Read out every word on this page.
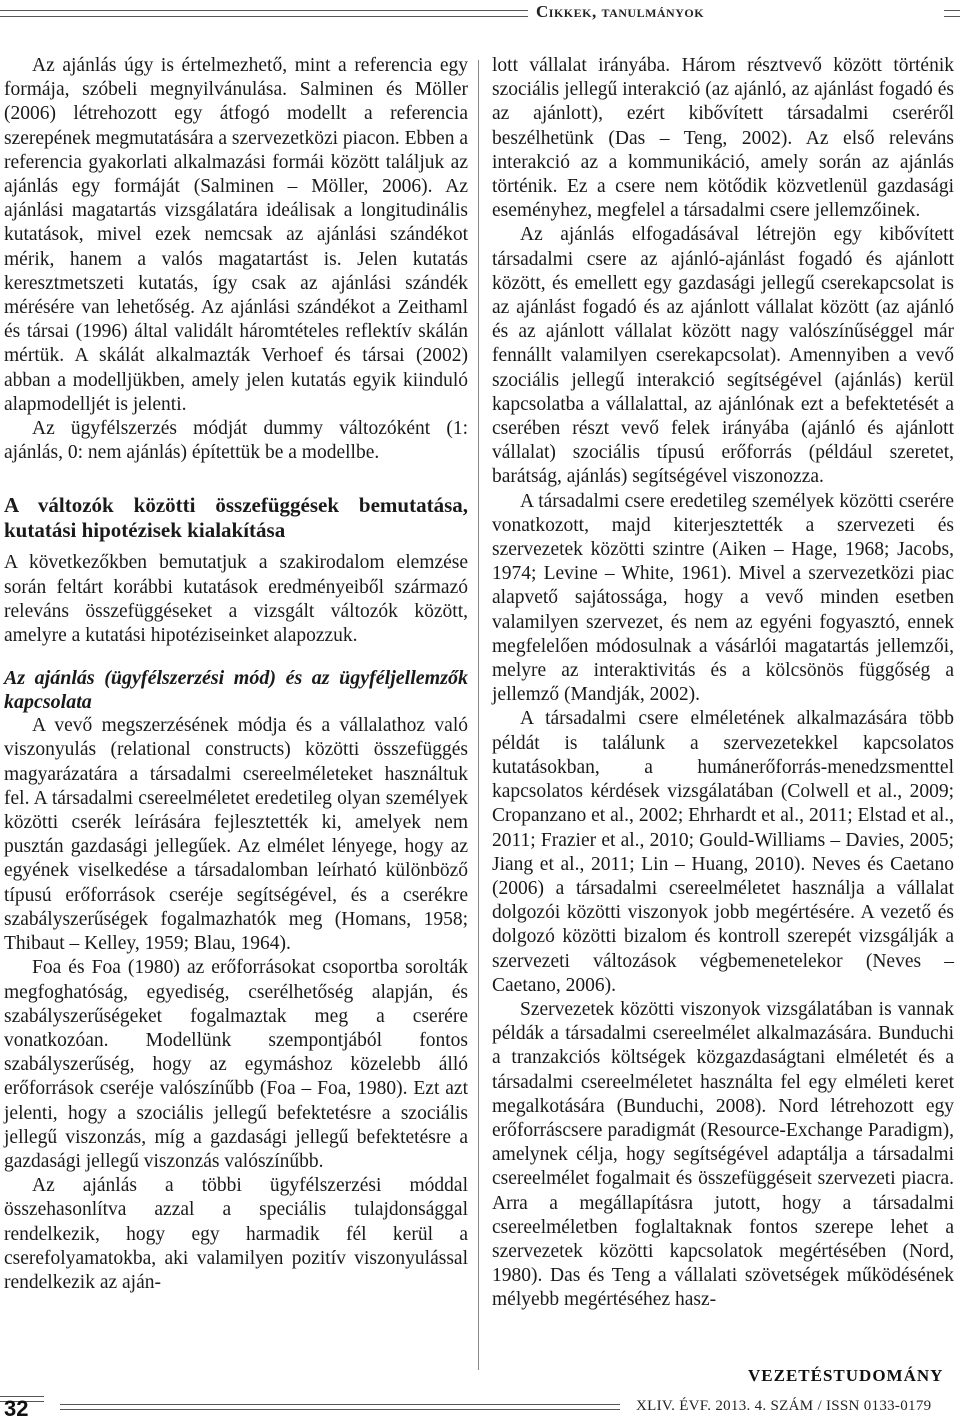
Cikkek, tanulmányok

Az ajánlás úgy is értelmezhető, mint a referencia egy formája, szóbeli megnyilvánulása. Salminen és Möller (2006) létrehozott egy átfogó modellt a referencia szerepének megmutatására a szervezetközi piacon. Ebben a referencia gyakorlati alkalmazási formái között találjuk az ajánlás egy formáját (Salminen – Möller, 2006). Az ajánlási magatartás vizsgálatára ideálisak a longitudinális kutatások, mivel ezek nemcsak az ajánlási szándékot mérik, hanem a valós magatartást is. Jelen kutatás keresztmetszeti kutatás, így csak az ajánlási szándék mérésére van lehetőség. Az ajánlási szándékot a Zeithaml és társai (1996) által validált háromtételes reflektív skálán mértük. A skálát alkalmazták Verhoef és társai (2002) abban a modelljükben, amely jelen kutatás egyik kiinduló alapmodelljét is jelenti.

Az ügyfélszerzés módját dummy változóként (1: ajánlás, 0: nem ajánlás) építettük be a modellbe.

A változók közötti összefüggések bemutatása, kutatási hipotézisek kialakítása

A következőkben bemutatjuk a szakirodalom elemzése során feltárt korábbi kutatások eredményeiből származó releváns összefüggéseket a vizsgált változók között, amelyre a kutatási hipotéziseinket alapozzuk.

Az ajánlás (ügyfélszerzési mód) és az ügyféljellemzők kapcsolata

A vevő megszerzésének módja és a vállalathoz való viszonyulás (relational constructs) közötti összefüggés magyarázatára a társadalmi csereelméleteket használtuk fel. A társadalmi csereelméletet eredetileg olyan személyek közötti cserék leírására fejlesztették ki, amelyek nem pusztán gazdasági jellegűek. Az elmélet lényege, hogy az egyének viselkedése a társadalomban leírható különböző típusú erőforrások cseréje segítségével, és a cserékre szabályszerűségek fogalmazhatók meg (Homans, 1958; Thibaut – Kelley, 1959; Blau, 1964).

Foa és Foa (1980) az erőforrásokat csoportba sorolták megfoghatóság, egyediség, cserélhetőség alapján, és szabályszerűségeket fogalmaztak meg a cserére vonatkozóan. Modellünk szempontjából fontos szabályszerűség, hogy az egymáshoz közelebb álló erőforrások cseréje valószínűbb (Foa – Foa, 1980). Ezt azt jelenti, hogy a szociális jellegű befektetésre a szociális jellegű viszonzás, míg a gazdasági jellegű befektetésre a gazdasági jellegű viszonzás valószínűbb.

Az ajánlás a többi ügyfélszerzési móddal összehasonlítva azzal a speciális tulajdonsággal rendelkezik, hogy egy harmadik fél kerül a cserefolyamatokba, aki valamilyen pozitív viszonyulással rendelkezik az aján-

lott vállalat irányába. Három résztvevő között történik szociális jellegű interakció (az ajánló, az ajánlást fogadó és az ajánlott), ezért kibővített társadalmi cseréről beszélhetünk (Das – Teng, 2002). Az első releváns interakció az a kommunikáció, amely során az ajánlás történik. Ez a csere nem kötődik közvetlenül gazdasági eseményhez, megfelel a társadalmi csere jellemzőinek.

Az ajánlás elfogadásával létrejön egy kibővített társadalmi csere az ajánló-ajánlást fogadó és ajánlott között, és emellett egy gazdasági jellegű cserekapcsolat is az ajánlást fogadó és az ajánlott vállalat között (az ajánló és az ajánlott vállalat között nagy valószínűséggel már fennállt valamilyen cserekapcsolat). Amennyiben a vevő szociális jellegű interakció segítségével (ajánlás) kerül kapcsolatba a vállalattal, az ajánlónak ezt a befektetését a cserében részt vevő felek irányába (ajánló és ajánlott vállalat) szociális típusú erőforrás (például szeretet, barátság, ajánlás) segítségével viszonozza.

A társadalmi csere eredetileg személyek közötti cserére vonatkozott, majd kiterjesztették a szervezeti és szervezetek közötti szintre (Aiken – Hage, 1968; Jacobs, 1974; Levine – White, 1961). Mivel a szervezetközi piac alapvető sajátossága, hogy a vevő minden esetben valamilyen szervezet, és nem az egyéni fogyasztó, ennek megfelelően módosulnak a vásárlói magatartás jellemzői, melyre az interaktivitás és a kölcsönös függőség a jellemző (Mandják, 2002).

A társadalmi csere elméletének alkalmazására több példát is találunk a szervezetekkel kapcsolatos kutatásokban, a humánerőforrás-menedzsmenttel kapcsolatos kérdések vizsgálatában (Colwell et al., 2009; Cropanzano et al., 2002; Ehrhardt et al., 2011; Elstad et al., 2011; Frazier et al., 2010; Gould-Williams – Davies, 2005; Jiang et al., 2011; Lin – Huang, 2010). Neves és Caetano (2006) a társadalmi csereelméletet használja a vállalat dolgozói közötti viszonyok jobb megértésére. A vezető és dolgozó közötti bizalom és kontroll szerepét vizsgálják a szervezeti változások végbemenetelekor (Neves – Caetano, 2006).

Szervezetek közötti viszonyok vizsgálatában is vannak példák a társadalmi csereelmélet alkalmazására. Bunduchi a tranzakciós költségek közgazdaságtani elméletét és a társadalmi csereelméletet használta fel egy elméleti keret megalkotására (Bunduchi, 2008). Nord létrehozott egy erőforráscsere paradigmát (Resource-Exchange Paradigm), amelynek célja, hogy segítségével adaptálja a társadalmi csereelmélet fogalmait és összefüggéseit szervezeti piacra. Arra a megállapításra jutott, hogy a társadalmi csereelméletben foglaltaknak fontos szerepe lehet a szervezetek közötti kapcsolatok megértésében (Nord, 1980). Das és Teng a vállalati szövetségek működésének mélyebb megértéséhez hasz-

VEZETÉSTUDOMÁNY
32	XLIV. ÉVF. 2013. 4. SZÁM / ISSN 0133-0179
